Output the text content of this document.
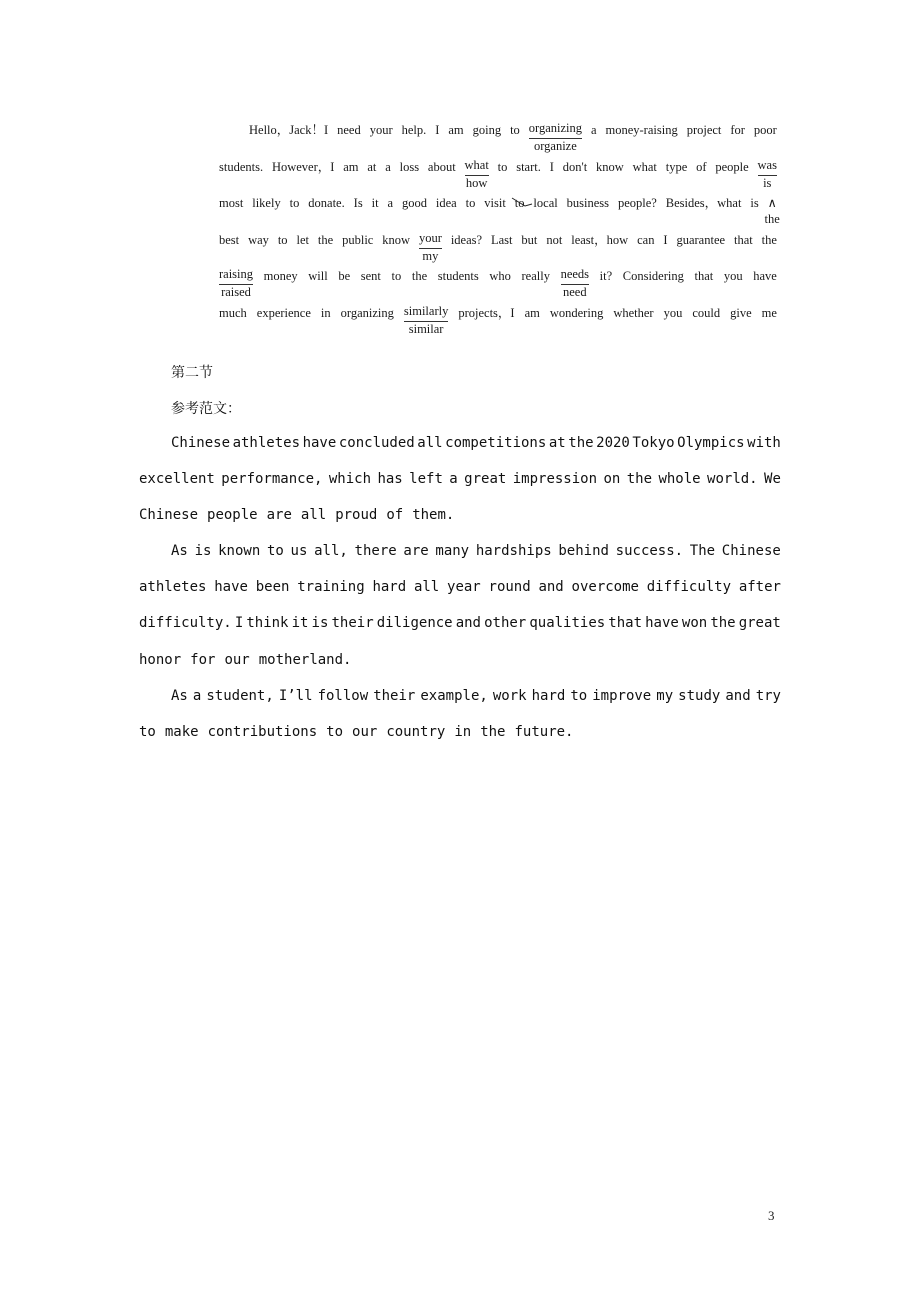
Hello，Jack！I need your help. I am going to organizing
organize
a money-raising project for poor
students. However，I am at a loss about what
how
to start. I don't know what type of people was
is
most likely to donate. Is it a good idea to visit to local business people? Besides，what is ∧
the
best way to let the public know your
my
ideas? Last but not least，how can I guarantee that the
raising
raised
money will be sent to the students who really needs
need
it? Considering that you have
much experience in organizing similarly
similar
projects，I am wondering whether you could give me
第二节
参考范文：
Chinese athletes have concluded all competitions at the 2020 Tokyo Olympics with
excellent performance, which has left a great impression on the whole world. We
Chinese people are all proud of them.
As is known to us all, there are many hardships behind success. The Chinese
athletes have been training hard all year round and overcome difficulty after
difficulty. I think it is their diligence and other qualities that have won the great
honor for our motherland.
As a student, I’ll follow their example, work hard to improve my study and try
to make contributions to our country in the future.
3
